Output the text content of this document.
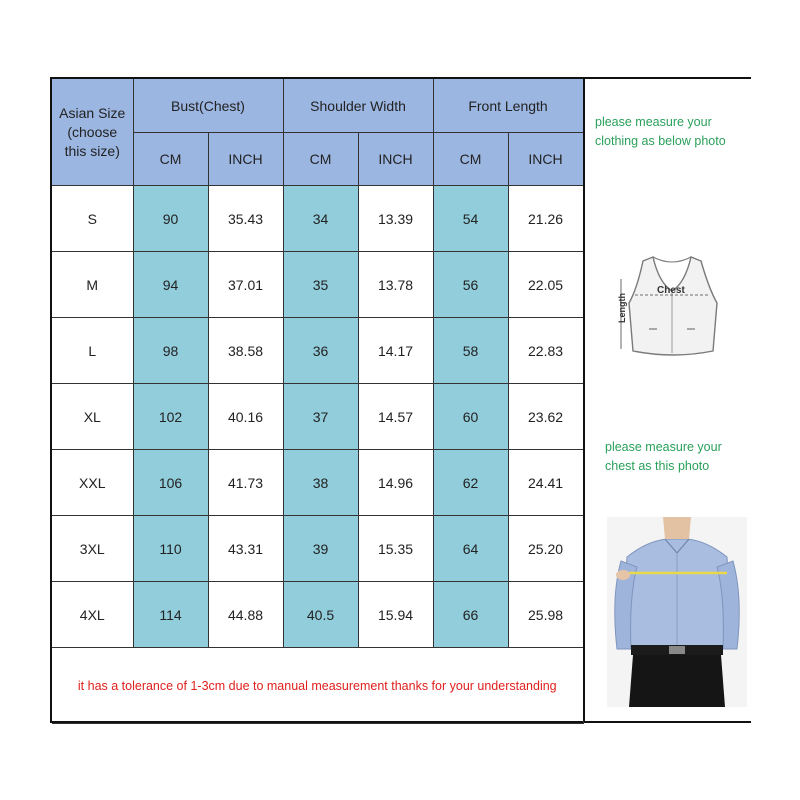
Asian Size
(choose
this size)	Bust(Chest)		Shoulder Width		Front Length	
	CM	INCH	CM	INCH	CM	INCH
S	90	35.43	34	13.39	54	21.26
M	94	37.01	35	13.78	56	22.05
L	98	38.58	36	14.17	58	22.83
XL	102	40.16	37	14.57	60	23.62
XXL	106	41.73	38	14.96	62	24.41
3XL	110	43.31	39	15.35	64	25.20
4XL	114	44.88	40.5	15.94	66	25.98
it has a tolerance of 1-3cm due to manual measurement thanks for your understanding						
please measure your clothing as below photo
Chest
Length
please measure your chest as this photo
